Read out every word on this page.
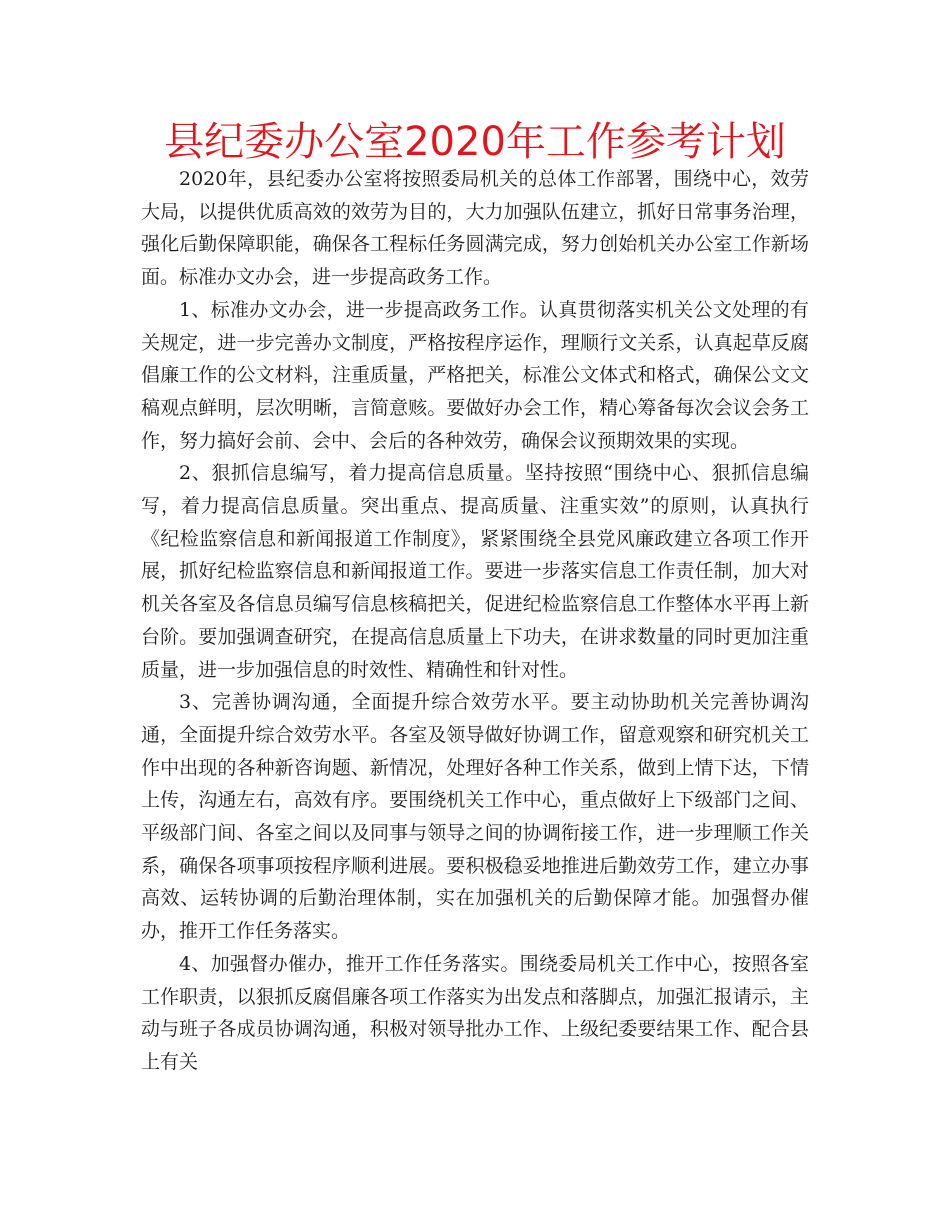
县纪委办公室2020年工作参考计划

2020年，县纪委办公室将按照委局机关的总体工作部署，围绕中心，效劳大局，以提供优质高效的效劳为目的，大力加强队伍建立，抓好日常事务治理，强化后勤保障职能，确保各工程标任务圆满完成，努力创始机关办公室工作新场面。标准办文办会，进一步提高政务工作。

1、标准办文办会，进一步提高政务工作。认真贯彻落实机关公文处理的有关规定，进一步完善办文制度，严格按程序运作，理顺行文关系，认真起草反腐倡廉工作的公文材料，注重质量，严格把关，标准公文体式和格式，确保公文文稿观点鲜明，层次明晰，言简意赅。要做好办会工作，精心筹备每次会议会务工作，努力搞好会前、会中、会后的各种效劳，确保会议预期效果的实现。

2、狠抓信息编写，着力提高信息质量。坚持按照“围绕中心、狠抓信息编写，着力提高信息质量。突出重点、提高质量、注重实效”的原则，认真执行《纪检监察信息和新闻报道工作制度》，紧紧围绕全县党风廉政建立各项工作开展，抓好纪检监察信息和新闻报道工作。要进一步落实信息工作责任制，加大对机关各室及各信息员编写信息核稿把关，促进纪检监察信息工作整体水平再上新台阶。要加强调查研究，在提高信息质量上下功夫，在讲求数量的同时更加注重质量，进一步加强信息的时效性、精确性和针对性。

3、完善协调沟通，全面提升综合效劳水平。要主动协助机关完善协调沟通，全面提升综合效劳水平。各室及领导做好协调工作，留意观察和研究机关工作中出现的各种新咨询题、新情况，处理好各种工作关系，做到上情下达，下情上传，沟通左右，高效有序。要围绕机关工作中心，重点做好上下级部门之间、平级部门间、各室之间以及同事与领导之间的协调衔接工作，进一步理顺工作关系，确保各项事项按程序顺利进展。要积极稳妥地推进后勤效劳工作，建立办事高效、运转协调的后勤治理体制，实在加强机关的后勤保障才能。加强督办催办，推开工作任务落实。

4、加强督办催办，推开工作任务落实。围绕委局机关工作中心，按照各室工作职责，以狠抓反腐倡廉各项工作落实为出发点和落脚点，加强汇报请示，主动与班子各成员协调沟通，积极对领导批办工作、上级纪委要结果工作、配合县上有关
